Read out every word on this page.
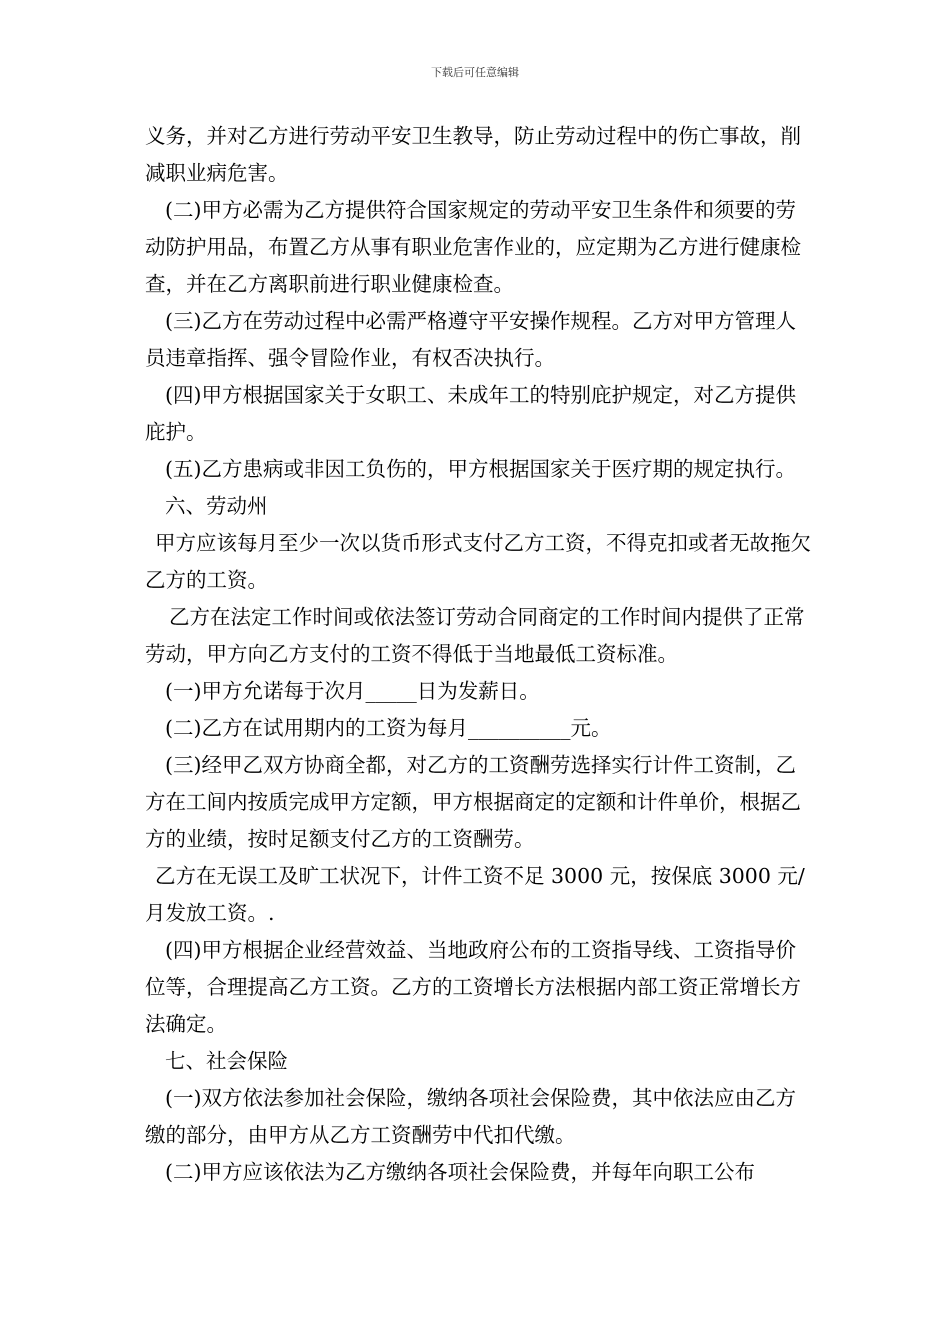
下载后可任意编辑

义务，并对乙方进行劳动平安卫生教导，防止劳动过程中的伤亡事故，削减职业病危害。

(二)甲方必需为乙方提供符合国家规定的劳动平安卫生条件和须要的劳动防护用品，布置乙方从事有职业危害作业的，应定期为乙方进行健康检查，并在乙方离职前进行职业健康检查。

(三)乙方在劳动过程中必需严格遵守平安操作规程。乙方对甲方管理人员违章指挥、强令冒险作业，有权否决执行。

(四)甲方根据国家关于女职工、未成年工的特别庇护规定，对乙方提供庇护。

(五)乙方患病或非因工负伤的，甲方根据国家关于医疗期的规定执行。

六、劳动州

甲方应该每月至少一次以货币形式支付乙方工资，不得克扣或者无故拖欠乙方的工资。

乙方在法定工作时间或依法签订劳动合同商定的工作时间内提供了正常劳动，甲方向乙方支付的工资不得低于当地最低工资标准。

(一)甲方允诺每于次月_____日为发薪日。

(二)乙方在试用期内的工资为每月__________元。

(三)经甲乙双方协商全都，对乙方的工资酬劳选择实行计件工资制，乙方在工间内按质完成甲方定额，甲方根据商定的定额和计件单价，根据乙方的业绩，按时足额支付乙方的工资酬劳。

乙方在无误工及旷工状况下，计件工资不足 3000 元，按保底 3000 元/月发放工资。.

(四)甲方根据企业经营效益、当地政府公布的工资指导线、工资指导价位等，合理提高乙方工资。乙方的工资增长方法根据内部工资正常增长方法确定。

七、社会保险

(一)双方依法参加社会保险，缴纳各项社会保险费，其中依法应由乙方缴的部分，由甲方从乙方工资酬劳中代扣代缴。

(二)甲方应该依法为乙方缴纳各项社会保险费，并每年向职工公布
